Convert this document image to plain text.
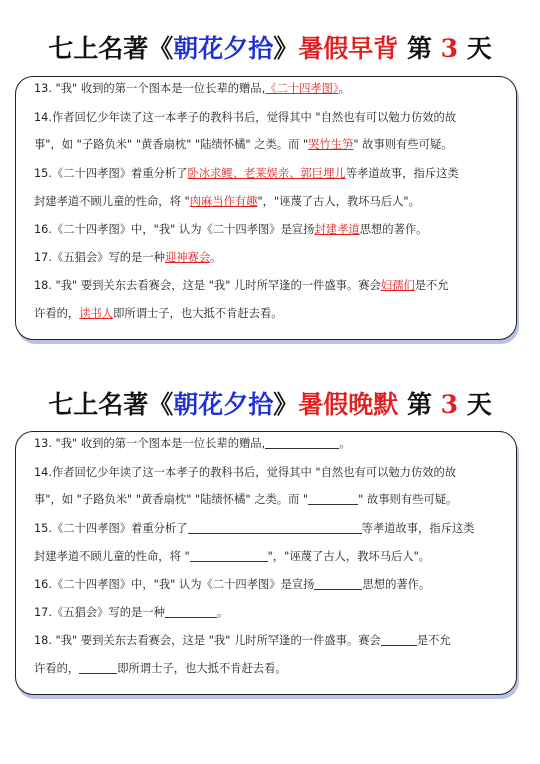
七上名著《朝花夕拾》暑假早背 第 3 天
13. "我" 收到的第一个图本是一位长辈的赠品,《二十四孝图》。
14.作者回忆少年读了这一本孝子的教科书后，觉得其中 "自然也有可以勉力仿效的故
事"，如 "子路负米" "黄香扇枕" "陆绩怀橘" 之类。而 "哭竹生笋" 故事则有些可疑。
15.《二十四孝图》着重分析了卧冰求鲤、老莱娱亲、郭巨埋儿等孝道故事，指斥这类
封建孝道不顾儿童的性命，将 "肉麻当作有趣"，"诬蔑了古人，教坏马后人"。
16.《二十四孝图》中，"我" 认为《二十四孝图》是宣扬封建孝道思想的著作。
17.《五猖会》写的是一种迎神赛会。
18. "我" 要到关东去看赛会，这是 "我" 儿时所罕逢的一件盛事。赛会妇孺们是不允
许看的，读书人即所谓士子，也大抵不肯赶去看。
七上名著《朝花夕拾》暑假晚默 第 3 天
13. "我" 收到的第一个图本是一位长辈的赠品,	。
14.作者回忆少年读了这一本孝子的教科书后，觉得其中 "自然也有可以勉力仿效的故
事"，如 "子路负米" "黄香扇枕" "陆绩怀橘" 之类。而 "	" 故事则有些可疑。
15.《二十四孝图》着重分析了	等孝道故事，指斥这类
封建孝道不顾儿童的性命，将 "	"，"诬蔑了古人，教坏马后人"。
16.《二十四孝图》中，"我" 认为《二十四孝图》是宣扬	思想的著作。
17.《五猖会》写的是一种	。
18. "我" 要到关东去看赛会，这是 "我" 儿时所罕逢的一件盛事。赛会	是不允
许看的，	即所谓士子，也大抵不肯赶去看。
